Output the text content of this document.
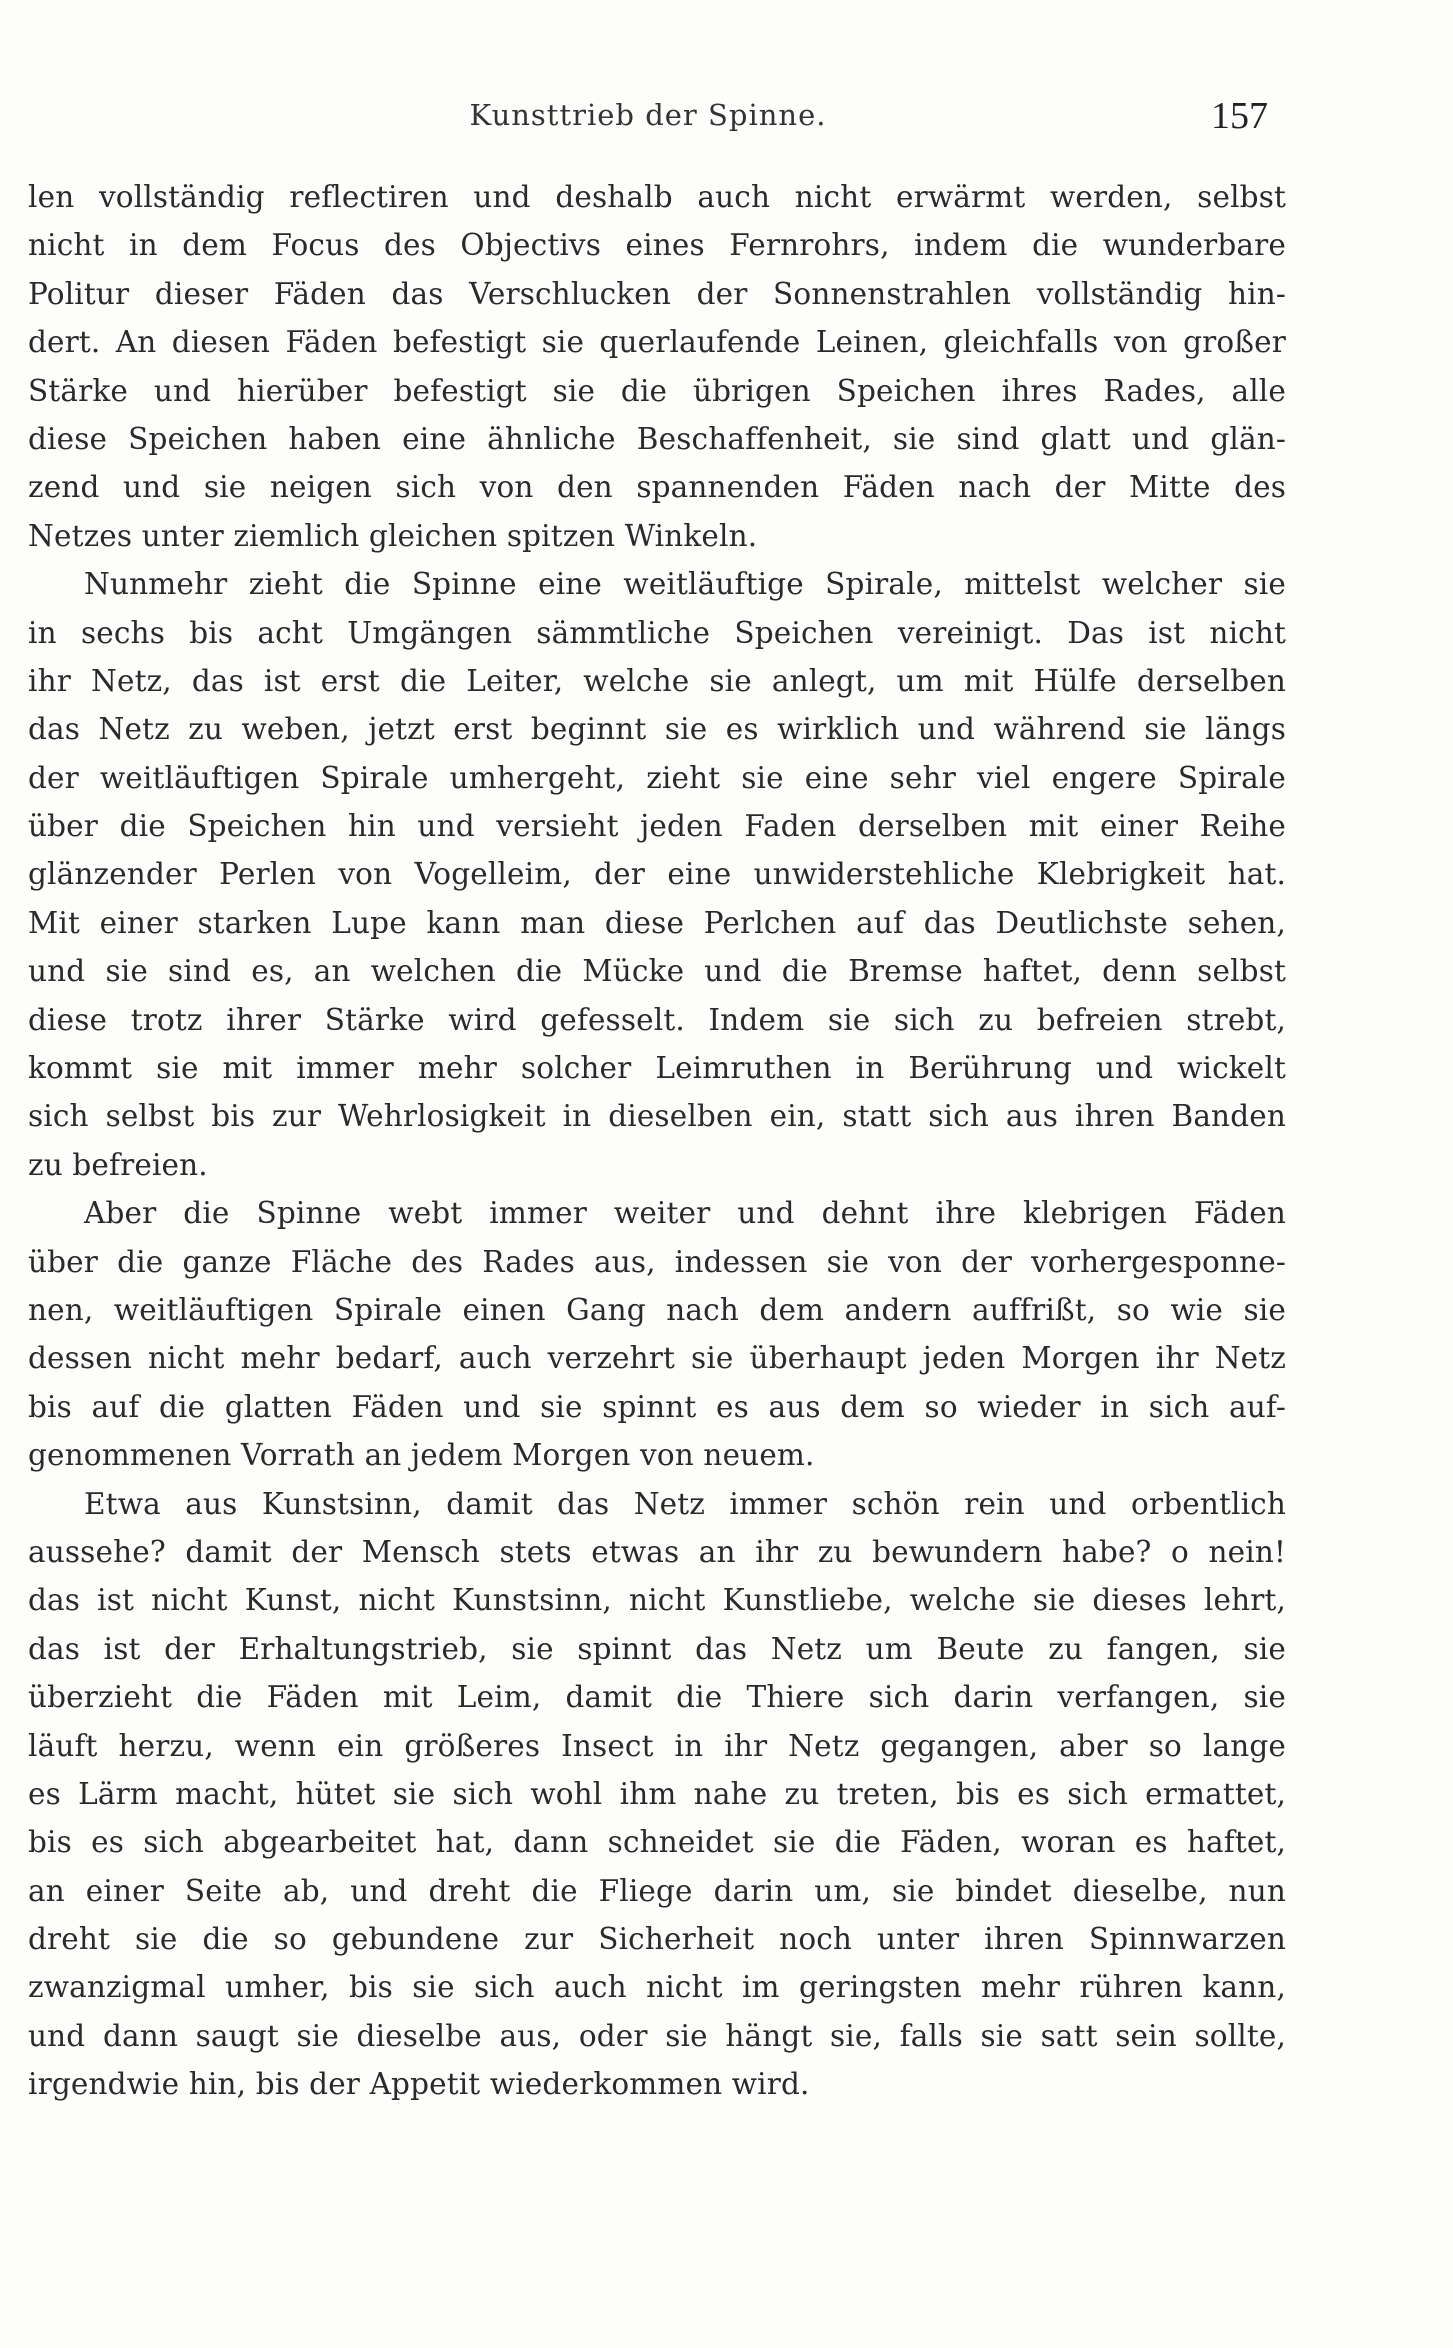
Kunsttrieb der Spinne.	157
len vollständig reflectiren und deshalb auch nicht erwärmt werden, selbst
nicht in dem Focus des Objectivs eines Fernrohrs, indem die wunderbare
Politur dieser Fäden das Verschlucken der Sonnenstrahlen vollständig hin-
dert. An diesen Fäden befestigt sie querlaufende Leinen, gleichfalls von großer
Stärke und hierüber befestigt sie die übrigen Speichen ihres Rades, alle
diese Speichen haben eine ähnliche Beschaffenheit, sie sind glatt und glän-
zend und sie neigen sich von den spannenden Fäden nach der Mitte des
Netzes unter ziemlich gleichen spitzen Winkeln.
Nunmehr zieht die Spinne eine weitläuftige Spirale, mittelst welcher sie
in sechs bis acht Umgängen sämmtliche Speichen vereinigt. Das ist nicht
ihr Netz, das ist erst die Leiter, welche sie anlegt, um mit Hülfe derselben
das Netz zu weben, jetzt erst beginnt sie es wirklich und während sie längs
der weitläuftigen Spirale umhergeht, zieht sie eine sehr viel engere Spirale
über die Speichen hin und versieht jeden Faden derselben mit einer Reihe
glänzender Perlen von Vogelleim, der eine unwiderstehliche Klebrigkeit hat.
Mit einer starken Lupe kann man diese Perlchen auf das Deutlichste sehen,
und sie sind es, an welchen die Mücke und die Bremse haftet, denn selbst
diese trotz ihrer Stärke wird gefesselt. Indem sie sich zu befreien strebt,
kommt sie mit immer mehr solcher Leimruthen in Berührung und wickelt
sich selbst bis zur Wehrlosigkeit in dieselben ein, statt sich aus ihren Banden
zu befreien.
Aber die Spinne webt immer weiter und dehnt ihre klebrigen Fäden
über die ganze Fläche des Rades aus, indessen sie von der vorhergesponne-
nen, weitläuftigen Spirale einen Gang nach dem andern auffrißt, so wie sie
dessen nicht mehr bedarf, auch verzehrt sie überhaupt jeden Morgen ihr Netz
bis auf die glatten Fäden und sie spinnt es aus dem so wieder in sich auf-
genommenen Vorrath an jedem Morgen von neuem.
Etwa aus Kunstsinn, damit das Netz immer schön rein und orbentlich
aussehe? damit der Mensch stets etwas an ihr zu bewundern habe? o nein!
das ist nicht Kunst, nicht Kunstsinn, nicht Kunstliebe, welche sie dieses lehrt,
das ist der Erhaltungstrieb, sie spinnt das Netz um Beute zu fangen, sie
überzieht die Fäden mit Leim, damit die Thiere sich darin verfangen, sie
läuft herzu, wenn ein größeres Insect in ihr Netz gegangen, aber so lange
es Lärm macht, hütet sie sich wohl ihm nahe zu treten, bis es sich ermattet,
bis es sich abgearbeitet hat, dann schneidet sie die Fäden, woran es haftet,
an einer Seite ab, und dreht die Fliege darin um, sie bindet dieselbe, nun
dreht sie die so gebundene zur Sicherheit noch unter ihren Spinnwarzen
zwanzigmal umher, bis sie sich auch nicht im geringsten mehr rühren kann,
und dann saugt sie dieselbe aus, oder sie hängt sie, falls sie satt sein sollte,
irgendwie hin, bis der Appetit wiederkommen wird.
